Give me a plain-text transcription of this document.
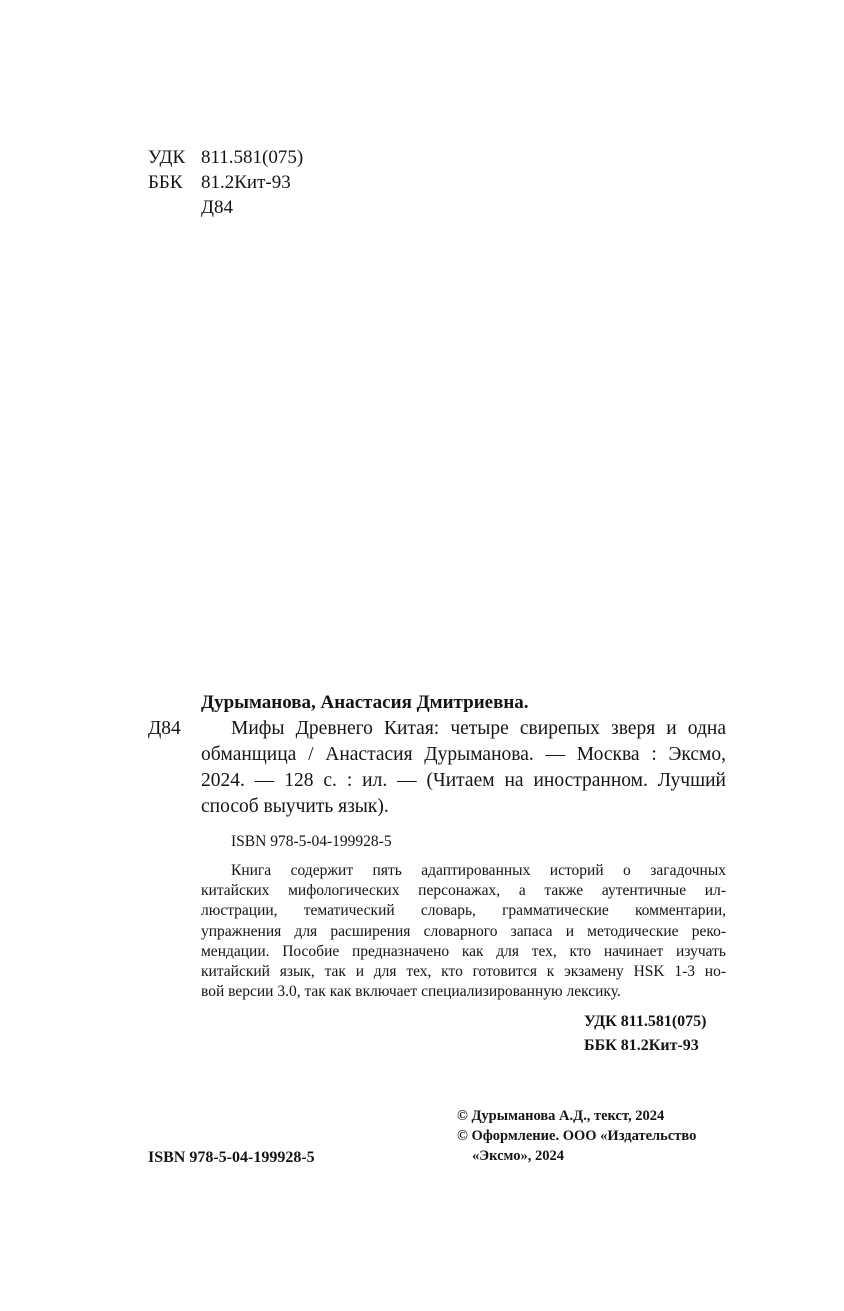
УДК 811.581(075)
ББК 81.2Кит-93
Д84
Дурыманова, Анастасия Дмитриевна.
Д84	Мифы Древнего Китая: четыре свирепых зверя и одна
обманщица / Анастасия Дурыманова. — Москва : Эксмо,
2024. — 128 с. : ил. — (Читаем на иностранном. Лучший
способ выучить язык).
ISBN 978-5-04-199928-5
Книга содержит пять адаптированных историй о загадочных
китайских мифологических персонажах, а также аутентичные ил-
люстрации, тематический словарь, грамматические комментарии,
упражнения для расширения словарного запаса и методические реко-
мендации. Пособие предназначено как для тех, кто начинает изучать
китайский язык, так и для тех, кто готовится к экзамену HSK 1-3 но-
вой версии 3.0, так как включает специализированную лексику.
УДК 811.581(075)
ББК 81.2Кит-93
© Дурыманова А.Д., текст, 2024
© Оформление. ООО «Издательство
«Эксмо», 2024
ISBN 978-5-04-199928-5
